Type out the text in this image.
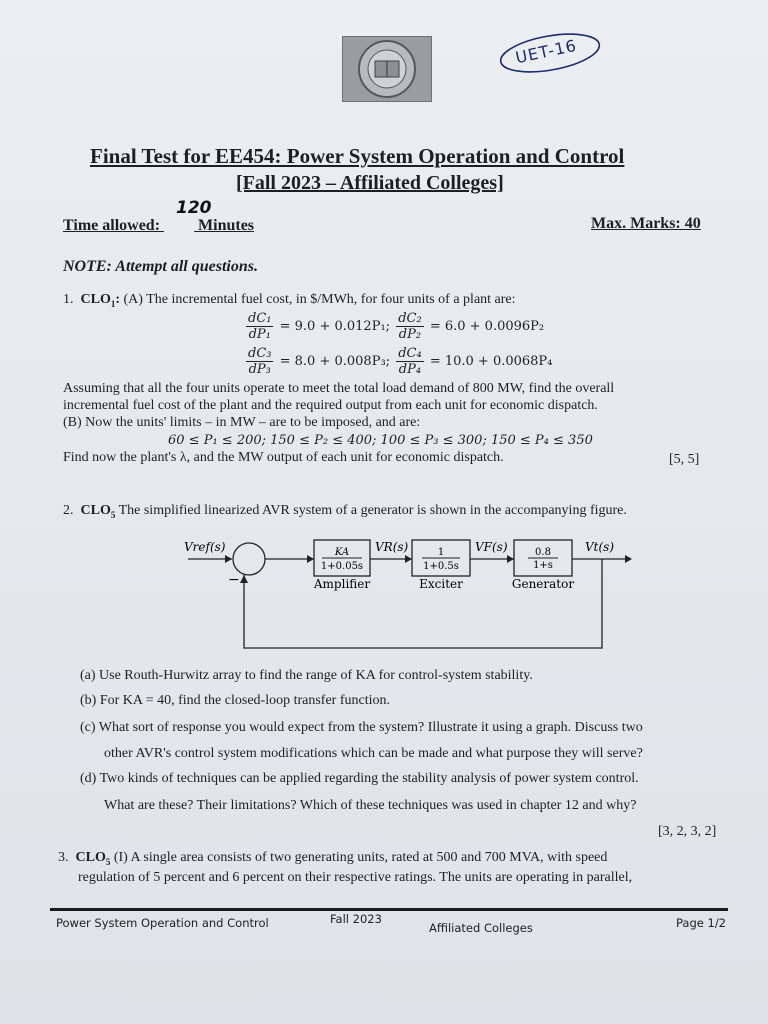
UET-16
Final Test for EE454: Power System Operation and Control
[Fall 2023 – Affiliated Colleges]
120
Time allowed: Minutes	Max. Marks: 40
NOTE: Attempt all questions.
1. $CLO_1$: (A) The incremental fuel cost, in $/MWh, for four units of a plant are:
$\frac{\text{dC₁}}{\text{dP₁}} = 9.0 + 0.012P_1$; $\frac{\text{dC₂}}{\text{dP₂}} = 6.0 + 0.0096P_2$
$\frac{\text{dC₃}}{\text{dP₃}} = 8.0 + 0.008P_3$; $\frac{\text{dC₄}}{\text{dP₄}} = 10.0 + 0.0068P_4$
Assuming that all the four units operate to meet the total load demand of 800 MW, find the overall
incremental fuel cost of the plant and the required output from each unit for economic dispatch.
(B) Now the units' limits – in MW – are to be imposed, and are:
60 ≤ P₁ ≤ 200; 150 ≤ P₂ ≤ 400; 100 ≤ P₃ ≤ 300; 150 ≤ P₄ ≤ 350
Find now the plant's λ, and the MW output of each unit for economic dispatch.	[5, 5]
2. $CLO_5$ The simplified linearized AVR system of a generator is shown in the accompanying figure.
Vref(s)
−
KA
1+0.05s
Amplifier
VR(s)	1
1+0.5s
Exciter
VF(s)	0.8
1+s
Generator
Vt(s)
(a) Use Routh-Hurwitz array to find the range of KA for control-system stability.
(b) For KA = 40, find the closed-loop transfer function.
(c) What sort of response you would expect from the system? Illustrate it using a graph. Discuss two
other AVR's control system modifications which can be made and what purpose they will serve?
(d) Two kinds of techniques can be applied regarding the stability analysis of power system control.
What are these? Their limitations? Which of these techniques was used in chapter 12 and why?
[3, 2, 3, 2]
3. $CLO_5$ (I) A single area consists of two generating units, rated at 500 and 700 MVA, with speed
regulation of 5 percent and 6 percent on their respective ratings. The units are operating in parallel,
Power System Operation and Control	Fall 2023
Affiliated Colleges	Page 1/2
